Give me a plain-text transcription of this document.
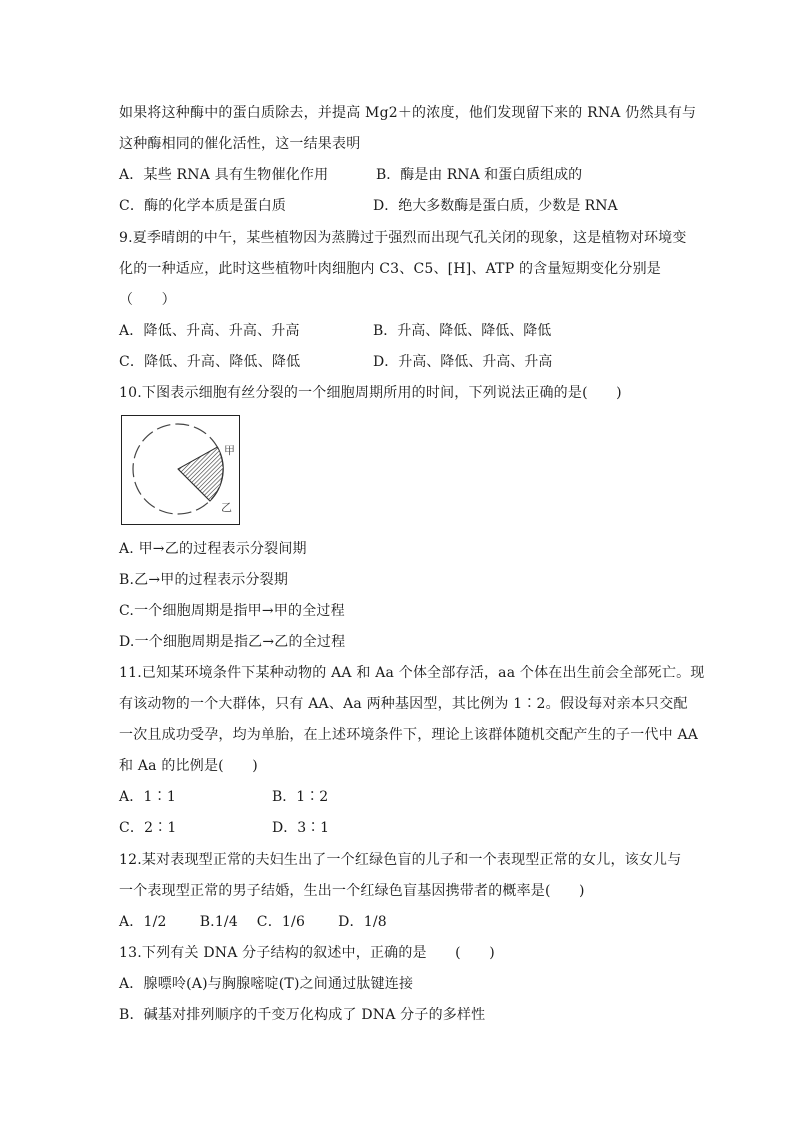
如果将这种酶中的蛋白质除去，并提高 Mg2＋的浓度，他们发现留下来的 RNA 仍然具有与
这种酶相同的催化活性，这一结果表明
A．某些 RNA 具有生物催化作用	B．酶是由 RNA 和蛋白质组成的
C．酶的化学本质是蛋白质	D．绝大多数酶是蛋白质，少数是 RNA
9.夏季晴朗的中午，某些植物因为蒸腾过于强烈而出现气孔关闭的现象，这是植物对环境变
化的一种适应，此时这些植物叶肉细胞内 C3、C5、[H]、ATP 的含量短期变化分别是
（　　）
A．降低、升高、升高、升高	B．升高、降低、降低、降低
C．降低、升高、降低、降低	D．升高、降低、升高、升高
10.下图表示细胞有丝分裂的一个细胞周期所用的时间，下列说法正确的是(　　)
甲
乙
A. 甲→乙的过程表示分裂间期
B.乙→甲的过程表示分裂期
C.一个细胞周期是指甲→甲的全过程
D.一个细胞周期是指乙→乙的全过程
11.已知某环境条件下某种动物的 AA 和 Aa 个体全部存活，aa 个体在出生前会全部死亡。现
有该动物的一个大群体，只有 AA、Aa 两种基因型，其比例为 1∶2。假设每对亲本只交配
一次且成功受孕，均为单胎，在上述环境条件下，理论上该群体随机交配产生的子一代中 AA
和 Aa 的比例是(　　)
A．1∶1	B．1∶2
C．2∶1	D．3∶1
12.某对表现型正常的夫妇生出了一个红绿色盲的儿子和一个表现型正常的女儿，该女儿与
一个表现型正常的男子结婚，生出一个红绿色盲基因携带者的概率是(　　)
A．1/2　　 B.1/4　 C．1/6　　 D．1/8
13.下列有关 DNA 分子结构的叙述中，正确的是　　(　　)
A．腺嘌呤(A)与胸腺嘧啶(T)之间通过肽键连接
B．碱基对排列顺序的千变万化构成了 DNA 分子的多样性
